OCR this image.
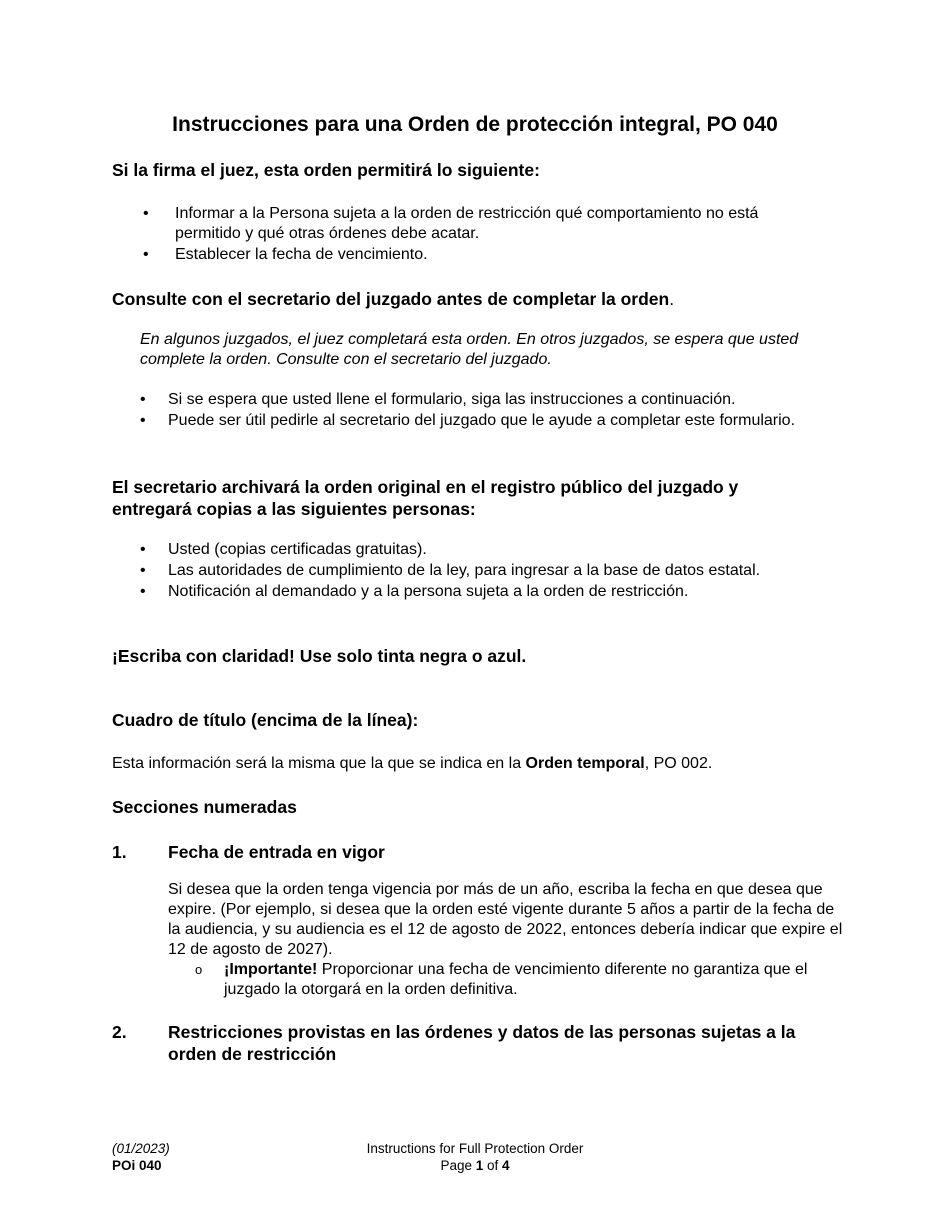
Instrucciones para una Orden de protección integral, PO 040
Si la firma el juez, esta orden permitirá lo siguiente:
• Informar a la Persona sujeta a la orden de restricción qué comportamiento no está permitido y qué otras órdenes debe acatar.
• Establecer la fecha de vencimiento.
Consulte con el secretario del juzgado antes de completar la orden.

En algunos juzgados, el juez completará esta orden. En otros juzgados, se espera que usted complete la orden. Consulte con el secretario del juzgado.

• Si se espera que usted llene el formulario, siga las instrucciones a continuación.
• Puede ser útil pedirle al secretario del juzgado que le ayude a completar este formulario.
El secretario archivará la orden original en el registro público del juzgado y entregará copias a las siguientes personas:
• Usted (copias certificadas gratuitas).
• Las autoridades de cumplimiento de la ley, para ingresar a la base de datos estatal.
• Notificación al demandado y a la persona sujeta a la orden de restricción.
¡Escriba con claridad! Use solo tinta negra o azul.
Cuadro de título (encima de la línea):

Esta información será la misma que la que se indica en la Orden temporal, PO 002.

Secciones numeradas
1. Fecha de entrada en vigor

Si desea que la orden tenga vigencia por más de un año, escriba la fecha en que desea que expire. (Por ejemplo, si desea que la orden esté vigente durante 5 años a partir de la fecha de la audiencia, y su audiencia es el 12 de agosto de 2022, entonces debería indicar que expire el 12 de agosto de 2027).

o ¡Importante! Proporcionar una fecha de vencimiento diferente no garantiza que el juzgado la otorgará en la orden definitiva.

2. Restricciones provistas en las órdenes y datos de las personas sujetas a la orden de restricción
(01/2023)
POi 040
Instructions for Full Protection Order
Page 1 of 4
